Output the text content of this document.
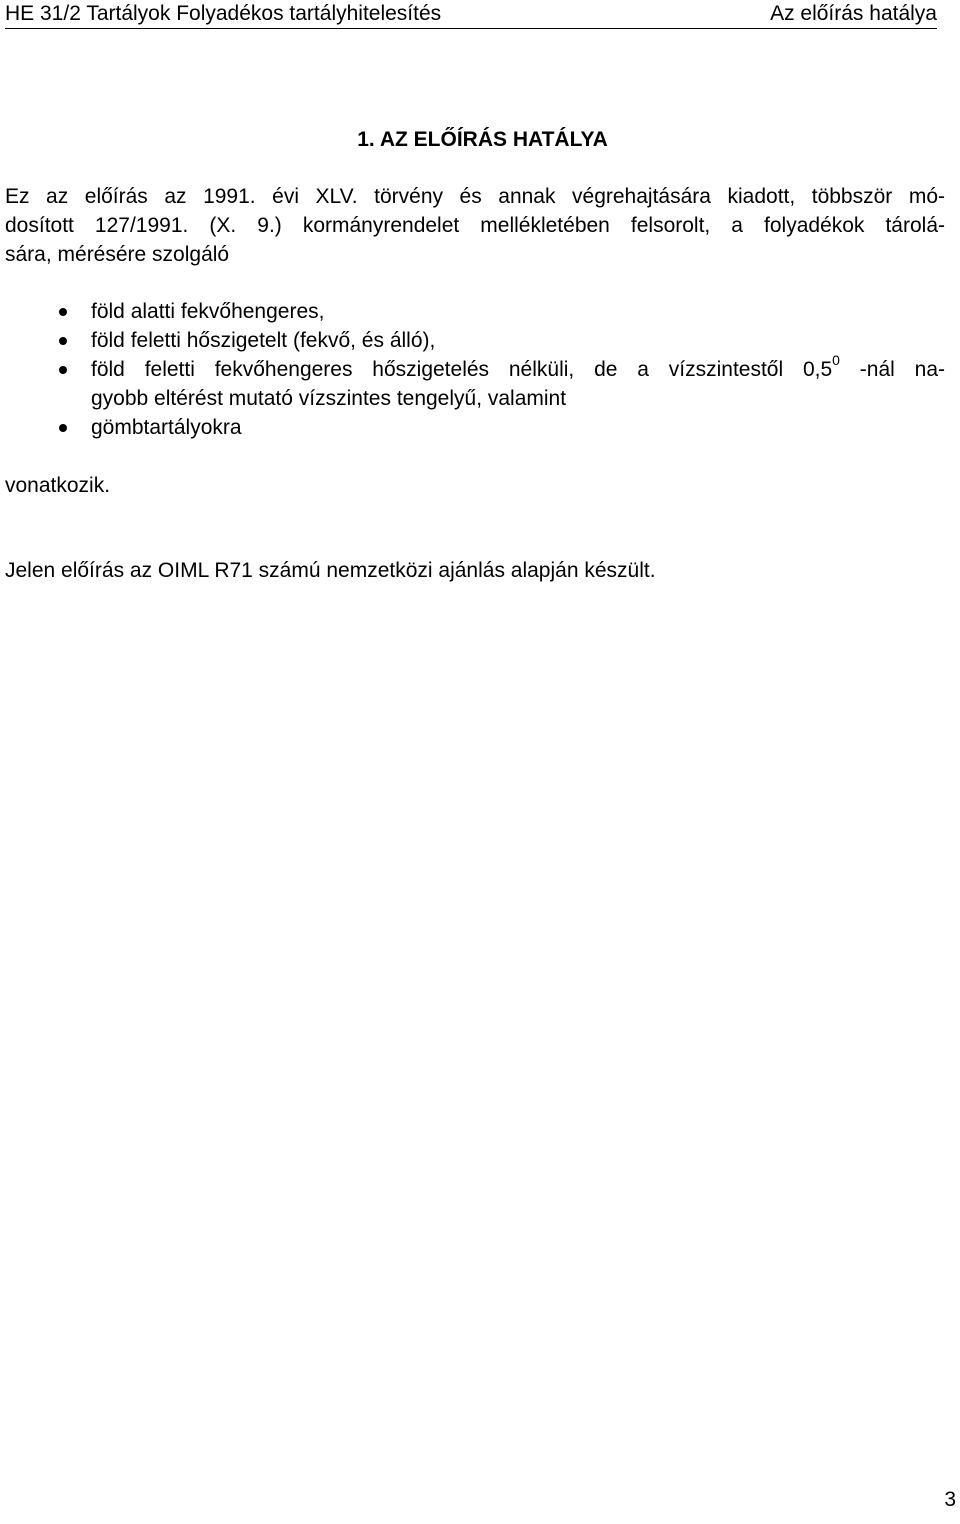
HE 31/2 Tartályok Folyadékos tartályhitelesítés	Az előírás hatálya
1. AZ ELŐÍRÁS HATÁLYA

Ez az előírás az 1991. évi XLV. törvény és annak végrehajtására kiadott, többször mó-
dosított 127/1991. (X. 9.) kormányrendelet mellékletében felsorolt, a folyadékok tárolá-
sára, mérésére szolgáló

föld alatti fekvőhengeres,
föld feletti hőszigetelt (fekvő, és álló),
föld feletti fekvőhengeres hőszigetelés nélküli, de a vízszintestől $0,5^0$ -nál na-
gyobb eltérést mutató vízszintes tengelyű, valamint
gömbtartályokra

vonatkozik.

Jelen előírás az OIML R71 számú nemzetközi ajánlás alapján készült.

3
